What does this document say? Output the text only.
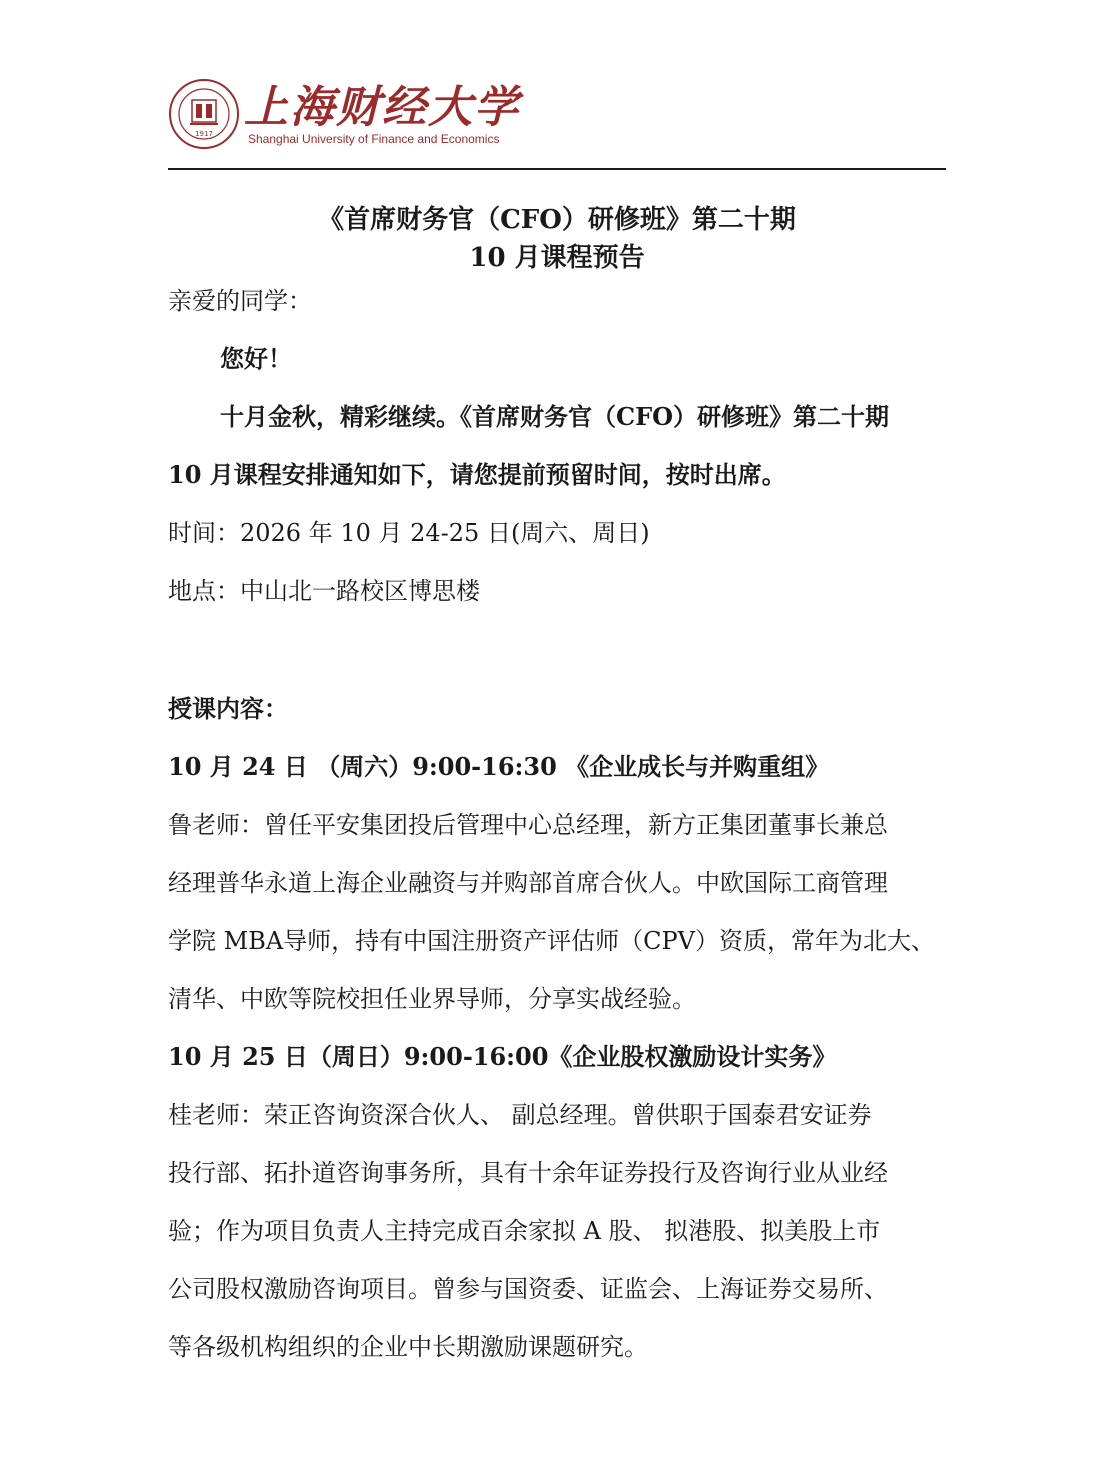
1917
上海财经大学
Shanghai University of Finance and Economics
《首席财务官（CFO）研修班》第二十期
10 月课程预告
亲爱的同学：
您好！
十月金秋，精彩继续。《首席财务官（CFO）研修班》第二十期
10 月课程安排通知如下，请您提前预留时间，按时出席。
时间：2026 年 10 月 24-25 日(周六、周日)
地点：中山北一路校区博思楼
授课内容：
10 月 24 日 （周六）9:00-16:30 《企业成长与并购重组》
鲁老师：曾任平安集团投后管理中心总经理，新方正集团董事长兼总
经理普华永道上海企业融资与并购部首席合伙人。中欧国际工商管理
学院 MBA导师，持有中国注册资产评估师（CPV）资质，常年为北大、
清华、中欧等院校担任业界导师，分享实战经验。
10 月 25 日（周日）9:00-16:00《企业股权激励设计实务》
桂老师：荣正咨询资深合伙人、 副总经理。曾供职于国泰君安证券
投行部、拓扑道咨询事务所，具有十余年证券投行及咨询行业从业经
验；作为项目负责人主持完成百余家拟 A 股、 拟港股、拟美股上市
公司股权激励咨询项目。曾参与国资委、证监会、上海证券交易所、
等各级机构组织的企业中长期激励课题研究。
